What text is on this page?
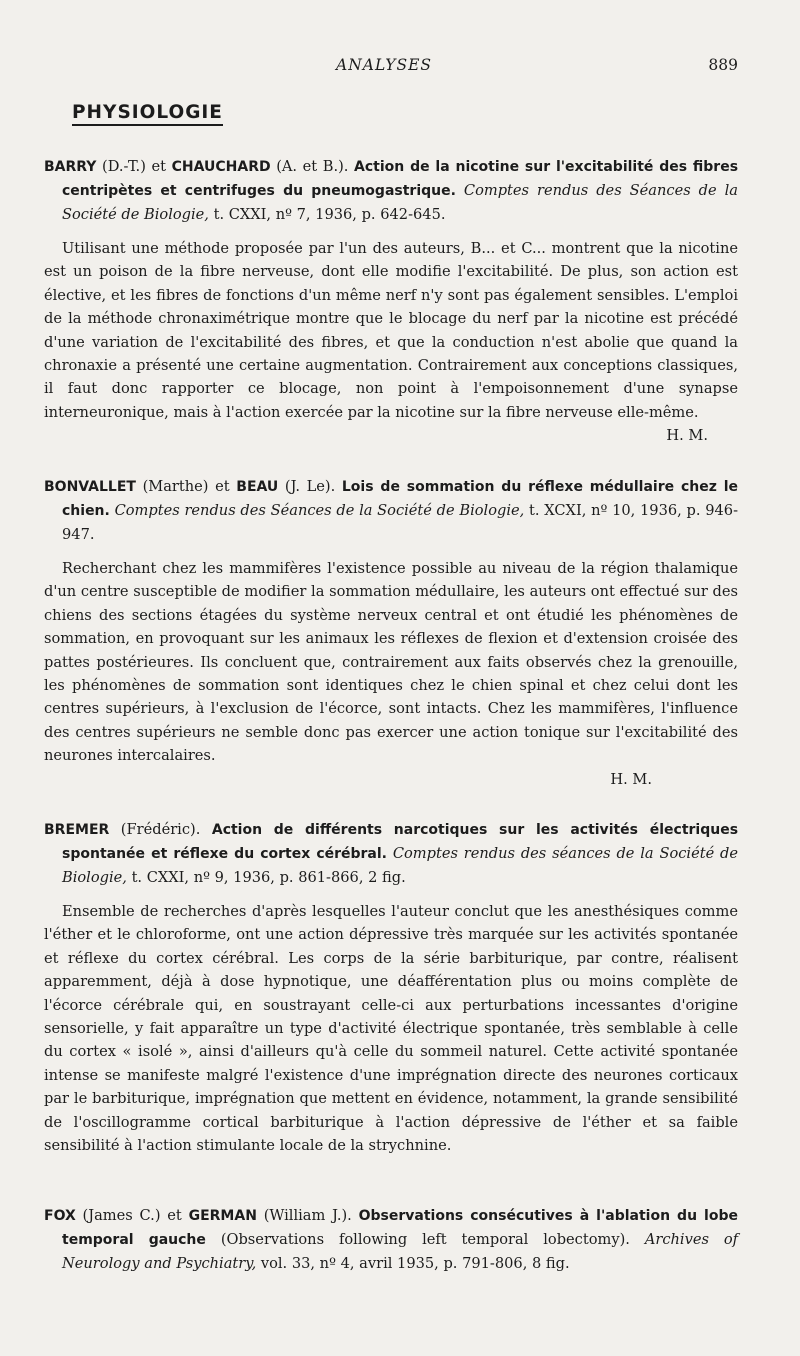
ANALYSES	889
PHYSIOLOGIE
BARRY (D.-T.) et CHAUCHARD (A. et B.). Action de la nicotine sur l'excitabilité des fibres centripètes et centrifuges du pneumogastrique. Comptes rendus des Séances de la Société de Biologie, t. CXXI, nº 7, 1936, p. 642-645.
Utilisant une méthode proposée par l'un des auteurs, B... et C... montrent que la nicotine est un poison de la fibre nerveuse, dont elle modifie l'excitabilité. De plus, son action est élective, et les fibres de fonctions d'un même nerf n'y sont pas également sensibles. L'emploi de la méthode chronaximétrique montre que le blocage du nerf par la nicotine est précédé d'une variation de l'excitabilité des fibres, et que la conduction n'est abolie que quand la chronaxie a présenté une certaine augmentation. Contrairement aux conceptions classiques, il faut donc rapporter ce blocage, non point à l'empoisonnement d'une synapse interneuronique, mais à l'action exercée par la nicotine sur la fibre nerveuse elle-même.
H. M.
BONVALLET (Marthe) et BEAU (J. Le). Lois de sommation du réflexe médullaire chez le chien. Comptes rendus des Séances de la Société de Biologie, t. XCXI, nº 10, 1936, p. 946-947.
Recherchant chez les mammifères l'existence possible au niveau de la région thalamique d'un centre susceptible de modifier la sommation médullaire, les auteurs ont effectué sur des chiens des sections étagées du système nerveux central et ont étudié les phénomènes de sommation, en provoquant sur les animaux les réflexes de flexion et d'extension croisée des pattes postérieures. Ils concluent que, contrairement aux faits observés chez la grenouille, les phénomènes de sommation sont identiques chez le chien spinal et chez celui dont les centres supérieurs, à l'exclusion de l'écorce, sont intacts. Chez les mammifères, l'influence des centres supérieurs ne semble donc pas exercer une action tonique sur l'excitabilité des neurones intercalaires.
H. M.
BREMER (Frédéric). Action de différents narcotiques sur les activités électriques spontanée et réflexe du cortex cérébral. Comptes rendus des séances de la Société de Biologie, t. CXXI, nº 9, 1936, p. 861-866, 2 fig.
Ensemble de recherches d'après lesquelles l'auteur conclut que les anesthésiques comme l'éther et le chloroforme, ont une action dépressive très marquée sur les activités spontanée et réflexe du cortex cérébral. Les corps de la série barbiturique, par contre, réalisent apparemment, déjà à dose hypnotique, une déafférentation plus ou moins complète de l'écorce cérébrale qui, en soustrayant celle-ci aux perturbations incessantes d'origine sensorielle, y fait apparaître un type d'activité électrique spontanée, très semblable à celle du cortex « isolé », ainsi d'ailleurs qu'à celle du sommeil naturel. Cette activité spontanée intense se manifeste malgré l'existence d'une imprégnation directe des neurones corticaux par le barbiturique, imprégnation que mettent en évidence, notamment, la grande sensibilité de l'oscillogramme cortical barbiturique à l'action dépressive de l'éther et sa faible sensibilité à l'action stimulante locale de la strychnine.
FOX (James C.) et GERMAN (William J.). Observations consécutives à l'ablation du lobe temporal gauche (Observations following left temporal lobectomy). Archives of Neurology and Psychiatry, vol. 33, nº 4, avril 1935, p. 791-806, 8 fig.
